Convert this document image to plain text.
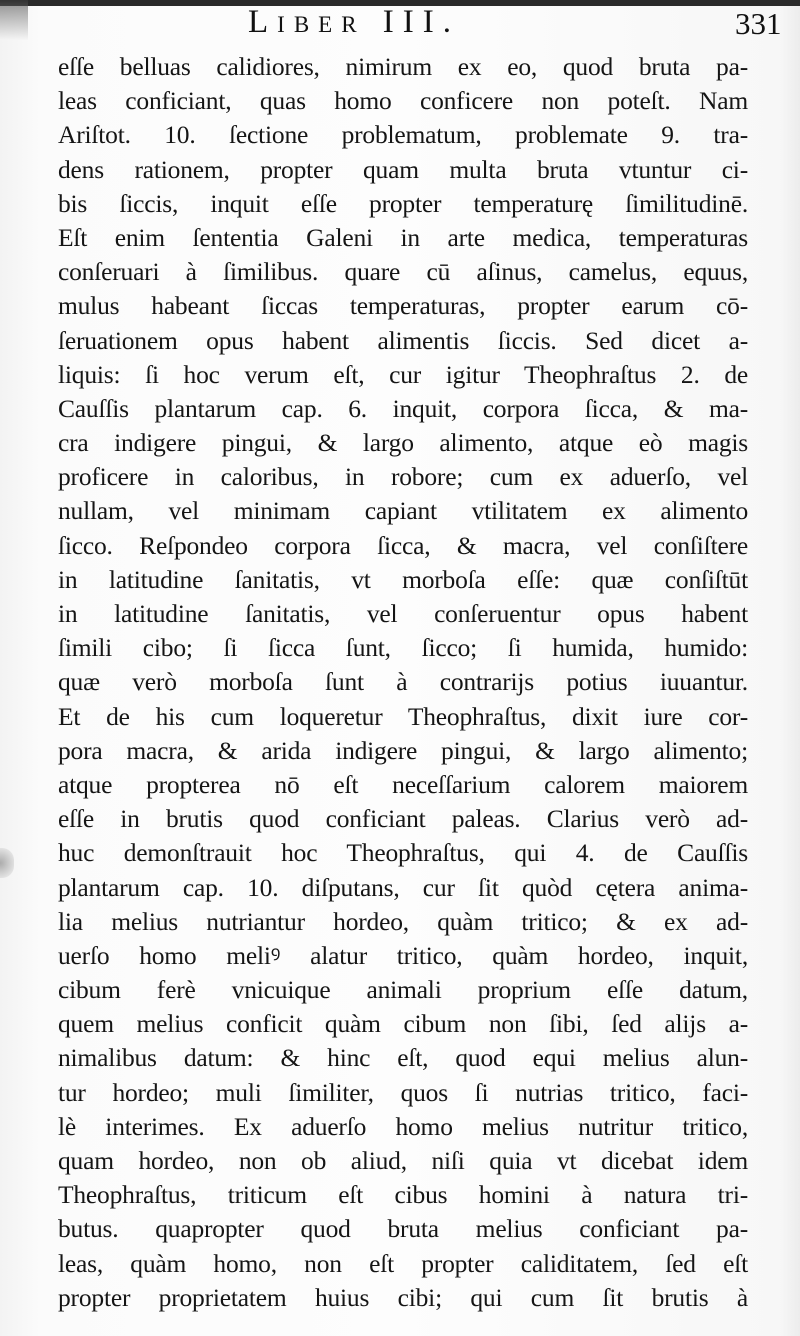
Liber III.	331
eſſe belluas calidiores, nimirum ex eo, quod bruta pa-
leas conficiant, quas homo conficere non poteſt. Nam
Ariſtot. 10. ſectione problematum, problemate 9. tra-
dens rationem, propter quam multa bruta vtuntur ci-
bis ſiccis, inquit eſſe propter temperaturę ſimilitudinē.
Eſt enim ſententia Galeni in arte medica, temperaturas
conſeruari à ſimilibus. quare cū aſinus, camelus, equus,
mulus habeant ſiccas temperaturas, propter earum cō-
ſeruationem opus habent alimentis ſiccis. Sed dicet a-
liquis: ſi hoc verum eſt, cur igitur Theophraſtus 2. de
Cauſſis plantarum cap. 6. inquit, corpora ſicca, & ma-
cra indigere pingui, & largo alimento, atque eò magis
proficere in caloribus, in robore; cum ex aduerſo, vel
nullam, vel minimam capiant vtilitatem ex alimento
ſicco. Reſpondeo corpora ſicca, & macra, vel conſiſtere
in latitudine ſanitatis, vt morboſa eſſe: quæ conſiſtūt
in latitudine ſanitatis, vel conſeruentur opus habent
ſimili cibo; ſi ſicca ſunt, ſicco; ſi humida, humido:
quæ verò morboſa ſunt à contrarijs potius iuuantur.
Et de his cum loqueretur Theophraſtus, dixit iure cor-
pora macra, & arida indigere pingui, & largo alimento;
atque propterea nō eſt neceſſarium calorem maiorem
eſſe in brutis quod conficiant paleas. Clarius verò ad-
huc demonſtrauit hoc Theophraſtus, qui 4. de Cauſſis
plantarum cap. 10. diſputans, cur ſit quòd cętera anima-
lia melius nutriantur hordeo, quàm tritico; & ex ad-
uerſo homo meliꝰ alatur tritico, quàm hordeo, inquit,
cibum ferè vnicuique animali proprium eſſe datum,
quem melius conficit quàm cibum non ſibi, ſed alijs a-
nimalibus datum: & hinc eſt, quod equi melius alun-
tur hordeo; muli ſimiliter, quos ſi nutrias tritico, faci-
lè interimes. Ex aduerſo homo melius nutritur tritico,
quam hordeo, non ob aliud, niſi quia vt dicebat idem
Theophraſtus, triticum eſt cibus homini à natura tri-
butus. quapropter quod bruta melius conficiant pa-
leas, quàm homo, non eſt propter caliditatem, ſed eſt
propter proprietatem huius cibi; qui cum ſit brutis à
